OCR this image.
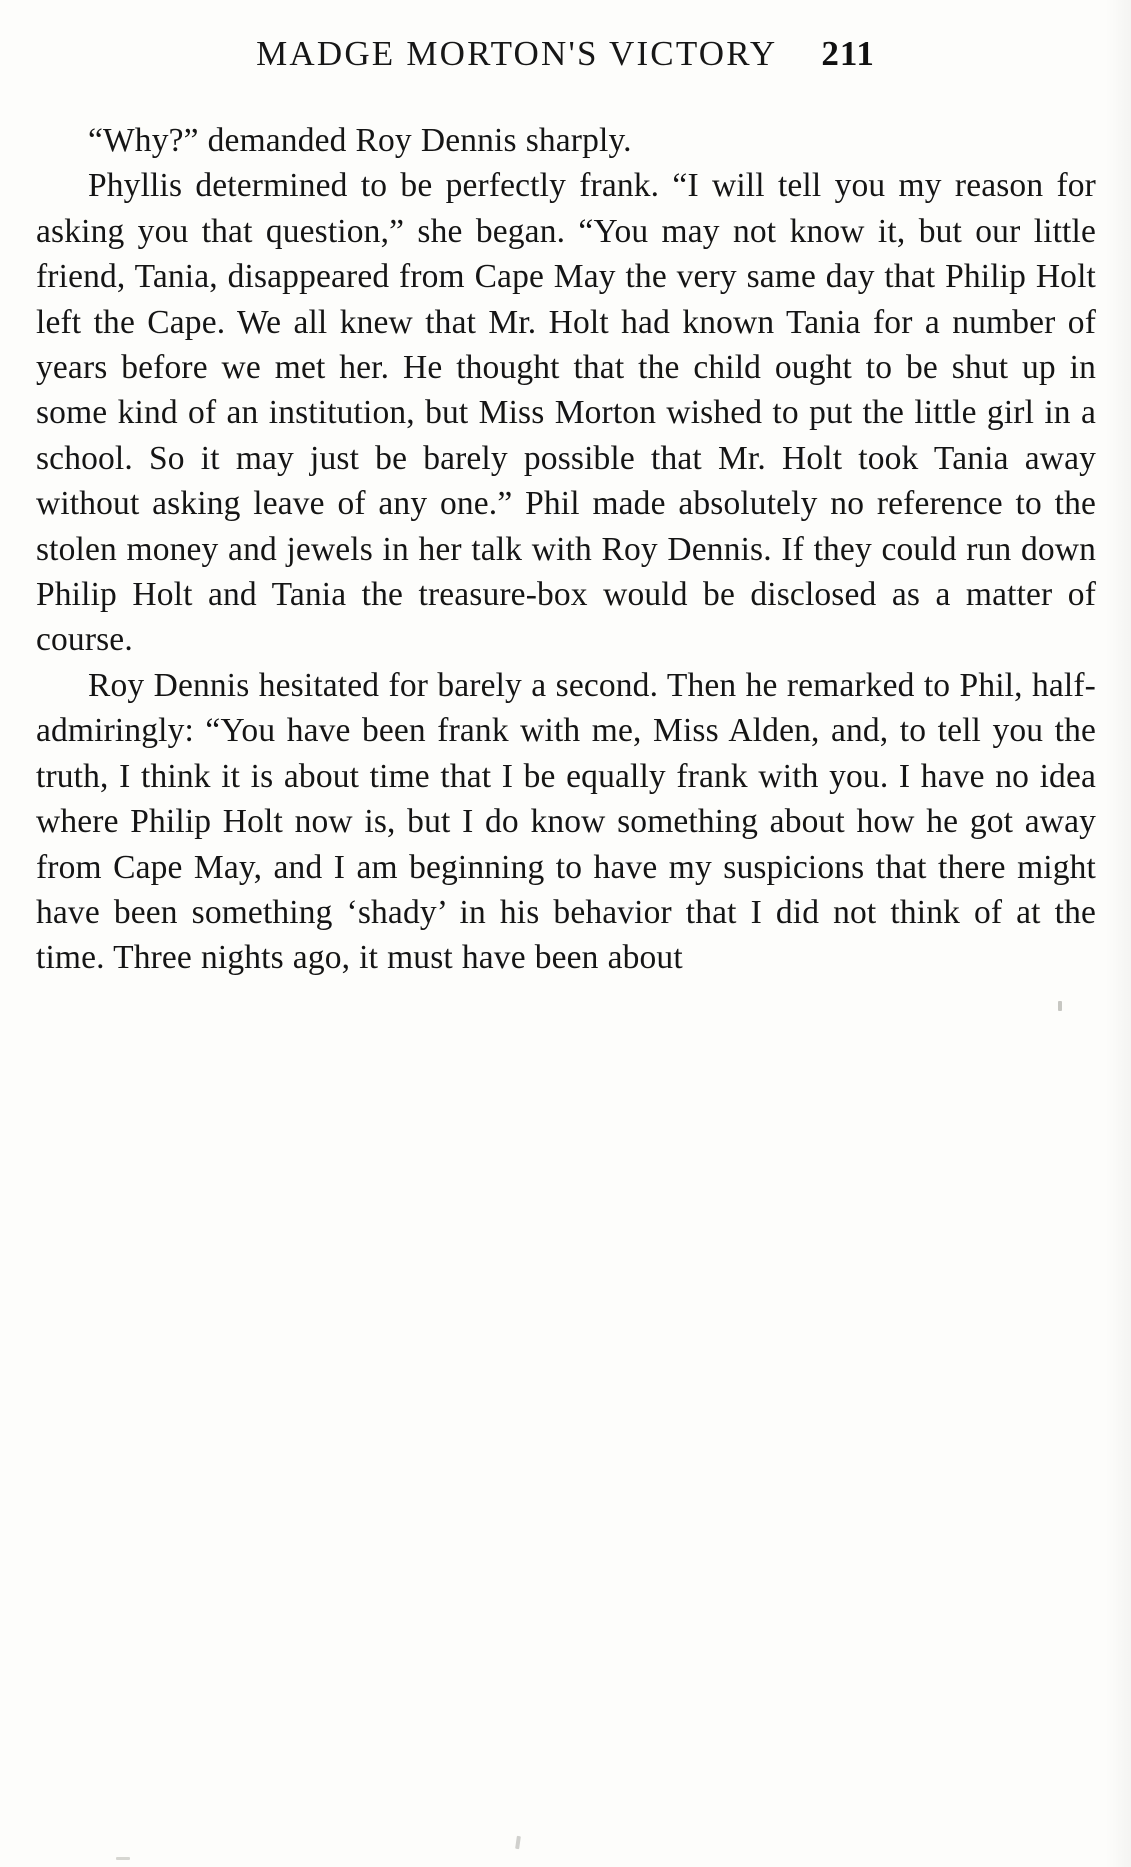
MADGE MORTON'S VICTORY 211

“Why?” demanded Roy Dennis sharply.

Phyllis determined to be perfectly frank. “I will tell you my reason for asking you that question,” she began. “You may not know it, but our little friend, Tania, disappeared from Cape May the very same day that Philip Holt left the Cape. We all knew that Mr. Holt had known Tania for a number of years before we met her. He thought that the child ought to be shut up in some kind of an institution, but Miss Morton wished to put the little girl in a school. So it may just be barely possible that Mr. Holt took Tania away without asking leave of any one.” Phil made absolutely no reference to the stolen money and jewels in her talk with Roy Dennis. If they could run down Philip Holt and Tania the treasure-box would be disclosed as a matter of course.

Roy Dennis hesitated for barely a second. Then he remarked to Phil, half-admiringly: “You have been frank with me, Miss Alden, and, to tell you the truth, I think it is about time that I be equally frank with you. I have no idea where Philip Holt now is, but I do know something about how he got away from Cape May, and I am beginning to have my suspicions that there might have been something ‘shady’ in his behavior that I did not think of at the time. Three nights ago, it must have been about
